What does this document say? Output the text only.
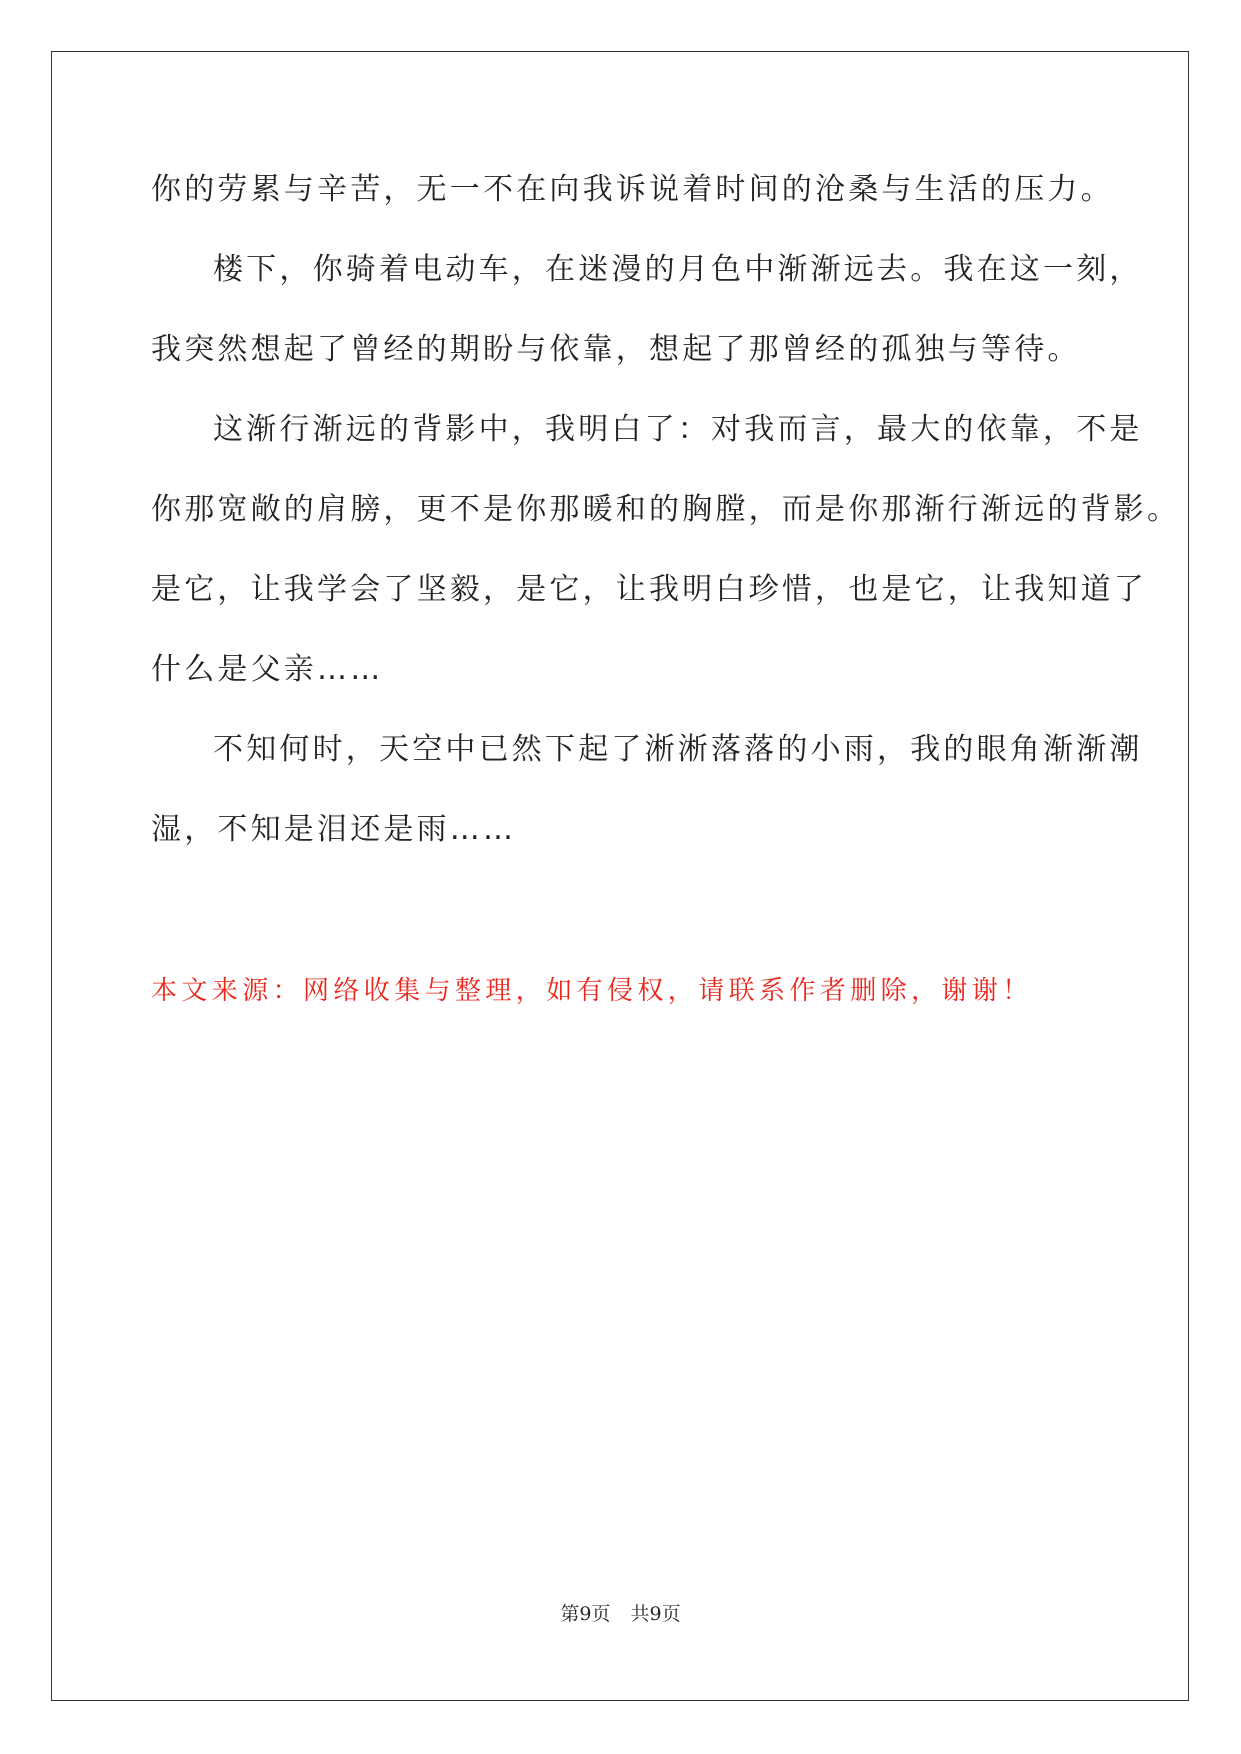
你的劳累与辛苦，无一不在向我诉说着时间的沧桑与生活的压力。
楼下，你骑着电动车，在迷漫的月色中渐渐远去。我在这一刻，
我突然想起了曾经的期盼与依靠，想起了那曾经的孤独与等待。
这渐行渐远的背影中，我明白了：对我而言，最大的依靠，不是
你那宽敞的肩膀，更不是你那暖和的胸膛，而是你那渐行渐远的背影。
是它，让我学会了坚毅，是它，让我明白珍惜，也是它，让我知道了
什么是父亲……
不知何时，天空中已然下起了淅淅落落的小雨，我的眼角渐渐潮
湿，不知是泪还是雨……
本文来源：网络收集与整理，如有侵权，请联系作者删除，谢谢！
第9页 共9页
